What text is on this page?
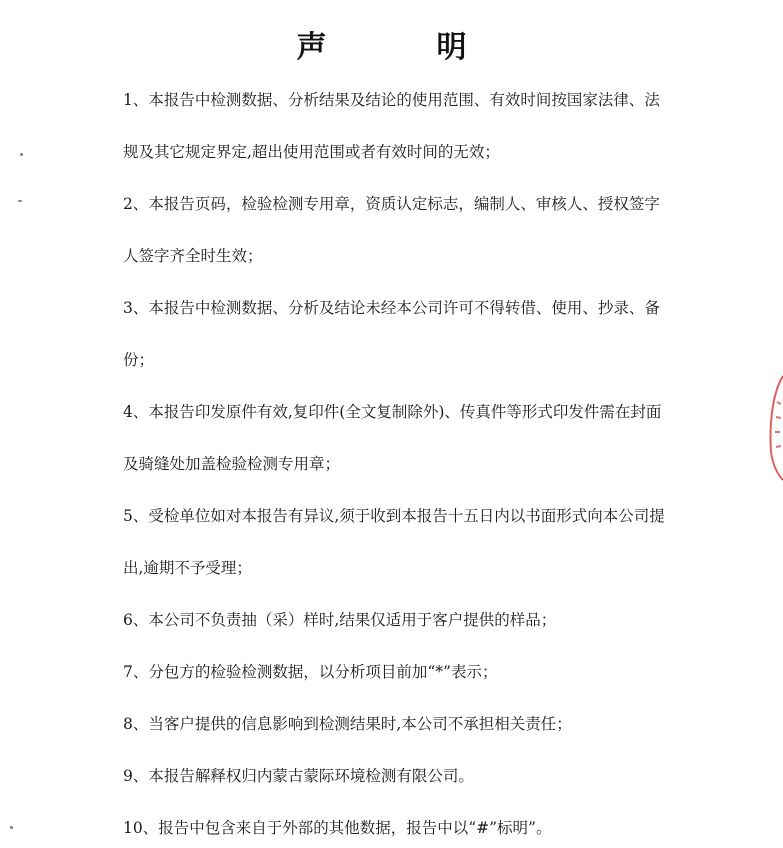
声　明
1、本报告中检测数据、分析结果及结论的使用范围、有效时间按国家法律、法
规及其它规定界定,超出使用范围或者有效时间的无效；
2、本报告页码，检验检测专用章，资质认定标志，编制人、审核人、授权签字
人签字齐全时生效；
3、本报告中检测数据、分析及结论未经本公司许可不得转借、使用、抄录、备
份；
4、本报告印发原件有效,复印件(全文复制除外)、传真件等形式印发件需在封面
及骑缝处加盖检验检测专用章；
5、受检单位如对本报告有异议,须于收到本报告十五日内以书面形式向本公司提
出,逾期不予受理；
6、本公司不负责抽（采）样时,结果仅适用于客户提供的样品；
7、分包方的检验检测数据，以分析项目前加“*”表示；
8、当客户提供的信息影响到检测结果时,本公司不承担相关责任；
9、本报告解释权归内蒙古蒙际环境检测有限公司。
10、报告中包含来自于外部的其他数据，报告中以“#”标明”。
